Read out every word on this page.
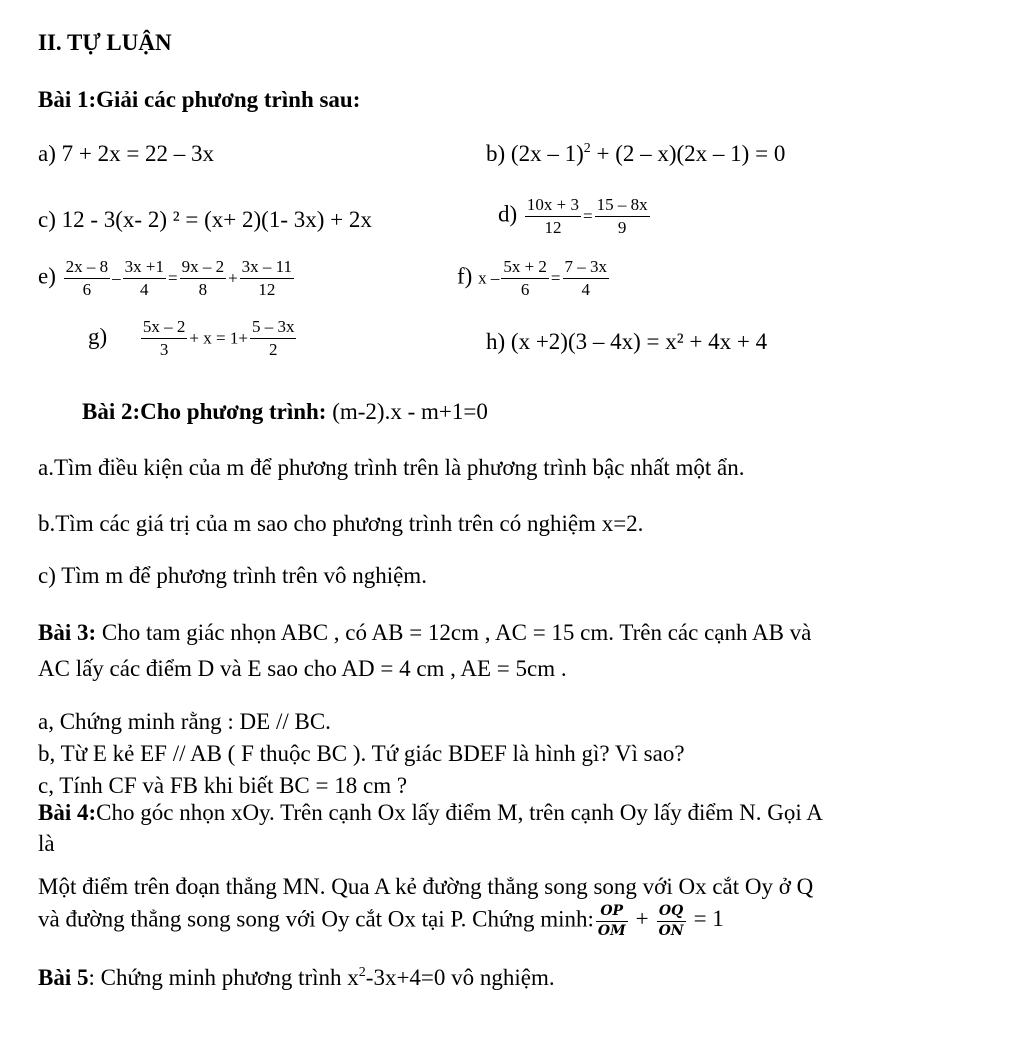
II. TỰ LUẬN
Bài 1:Giải các phương trình sau:
a) 7 + 2x = 22 – 3x	b) (2x – 1)$^2$ + (2 – x)(2x – 1) = 0
c) 12 - 3(x- 2) ² = (x+ 2)(1- 3x) + 2x	$d) \frac{10x + 3}{12} = \frac{15 - 8x}{9}$
$e) \frac{2x - 8}{6} - \frac{3x +1}{4} = \frac{9x - 2}{8} + \frac{3x - 11}{12}$	f) $x - \frac{5x + 2}{6} = \frac{7 - 3x}{4}$
$g) \frac{5x - 2}{3} + x = 1+ \frac{5 - 3x}{2}$	h) (x +2)(3 – 4x) = x² + 4x + 4
Bài 2:Cho phương trình: (m-2).x - m+1=0
a.Tìm điều kiện của m để phương trình trên là phương trình bậc nhất một ẩn.
b.Tìm các giá trị của m sao cho phương trình trên có nghiệm x=2.
c) Tìm m để phương trình trên vô nghiệm.
Bài 3: Cho tam giác nhọn ABC , có AB = 12cm , AC = 15 cm. Trên các cạnh AB và
AC lấy các điểm D và E sao cho AD = 4 cm , AE = 5cm .
a, Chứng minh rằng : DE // BC.
b, Từ E kẻ EF // AB ( F thuộc BC ). Tứ giác BDEF là hình gì? Vì sao?
c, Tính CF và FB khi biết BC = 18 cm ?
Bài 4:Cho góc nhọn xOy. Trên cạnh Ox lấy điểm M, trên cạnh Oy lấy điểm N. Gọi A
là
Một điểm trên đoạn thẳng MN. Qua A kẻ đường thẳng song song với Ox cắt Oy ở Q
và đường thẳng song song với Oy cắt Ox tại P. Chứng minh: $\frac{OP}{OM} + \frac{OQ}{ON} = 1$
Bài 5: Chứng minh phương trình $x^2-3x+4=0$ vô nghiệm.
